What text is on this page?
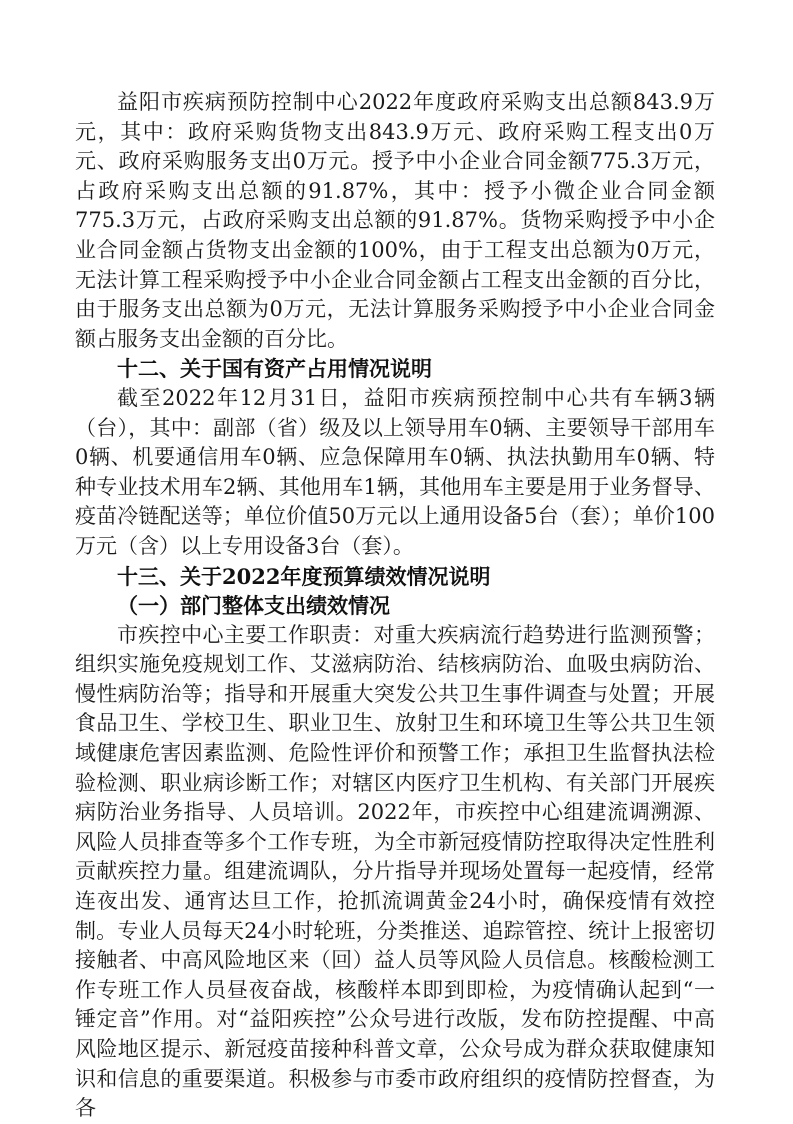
益阳市疾病预防控制中心2022年度政府采购支出总额843.9万元，其中：政府采购货物支出843.9万元、政府采购工程支出0万元、政府采购服务支出0万元。授予中小企业合同金额775.3万元，占政府采购支出总额的91.87%，其中：授予小微企业合同金额775.3万元，占政府采购支出总额的91.87%。货物采购授予中小企业合同金额占货物支出金额的100%，由于工程支出总额为0万元，无法计算工程采购授予中小企业合同金额占工程支出金额的百分比，由于服务支出总额为0万元，无法计算服务采购授予中小企业合同金额占服务支出金额的百分比。

十二、关于国有资产占用情况说明

截至2022年12月31日，益阳市疾病预控制中心共有车辆3辆（台），其中：副部（省）级及以上领导用车0辆、主要领导干部用车0辆、机要通信用车0辆、应急保障用车0辆、执法执勤用车0辆、特种专业技术用车2辆、其他用车1辆，其他用车主要是用于业务督导、疫苗冷链配送等；单位价值50万元以上通用设备5台（套）；单价100万元（含）以上专用设备3台（套）。

十三、关于2022年度预算绩效情况说明
（一）部门整体支出绩效情况

市疾控中心主要工作职责：对重大疾病流行趋势进行监测预警；组织实施免疫规划工作、艾滋病防治、结核病防治、血吸虫病防治、慢性病防治等；指导和开展重大突发公共卫生事件调查与处置；开展食品卫生、学校卫生、职业卫生、放射卫生和环境卫生等公共卫生领域健康危害因素监测、危险性评价和预警工作；承担卫生监督执法检验检测、职业病诊断工作；对辖区内医疗卫生机构、有关部门开展疾病防治业务指导、人员培训。2022年，市疾控中心组建流调溯源、风险人员排查等多个工作专班，为全市新冠疫情防控取得决定性胜利贡献疾控力量。组建流调队，分片指导并现场处置每一起疫情，经常连夜出发、通宵达旦工作，抢抓流调黄金24小时，确保疫情有效控制。专业人员每天24小时轮班，分类推送、追踪管控、统计上报密切接触者、中高风险地区来（回）益人员等风险人员信息。核酸检测工作专班工作人员昼夜奋战，核酸样本即到即检，为疫情确认起到“一锤定音”作用。对“益阳疾控”公众号进行改版，发布防控提醒、中高风险地区提示、新冠疫苗接种科普文章，公众号成为群众获取健康知识和信息的重要渠道。积极参与市委市政府组织的疫情防控督查，为各
